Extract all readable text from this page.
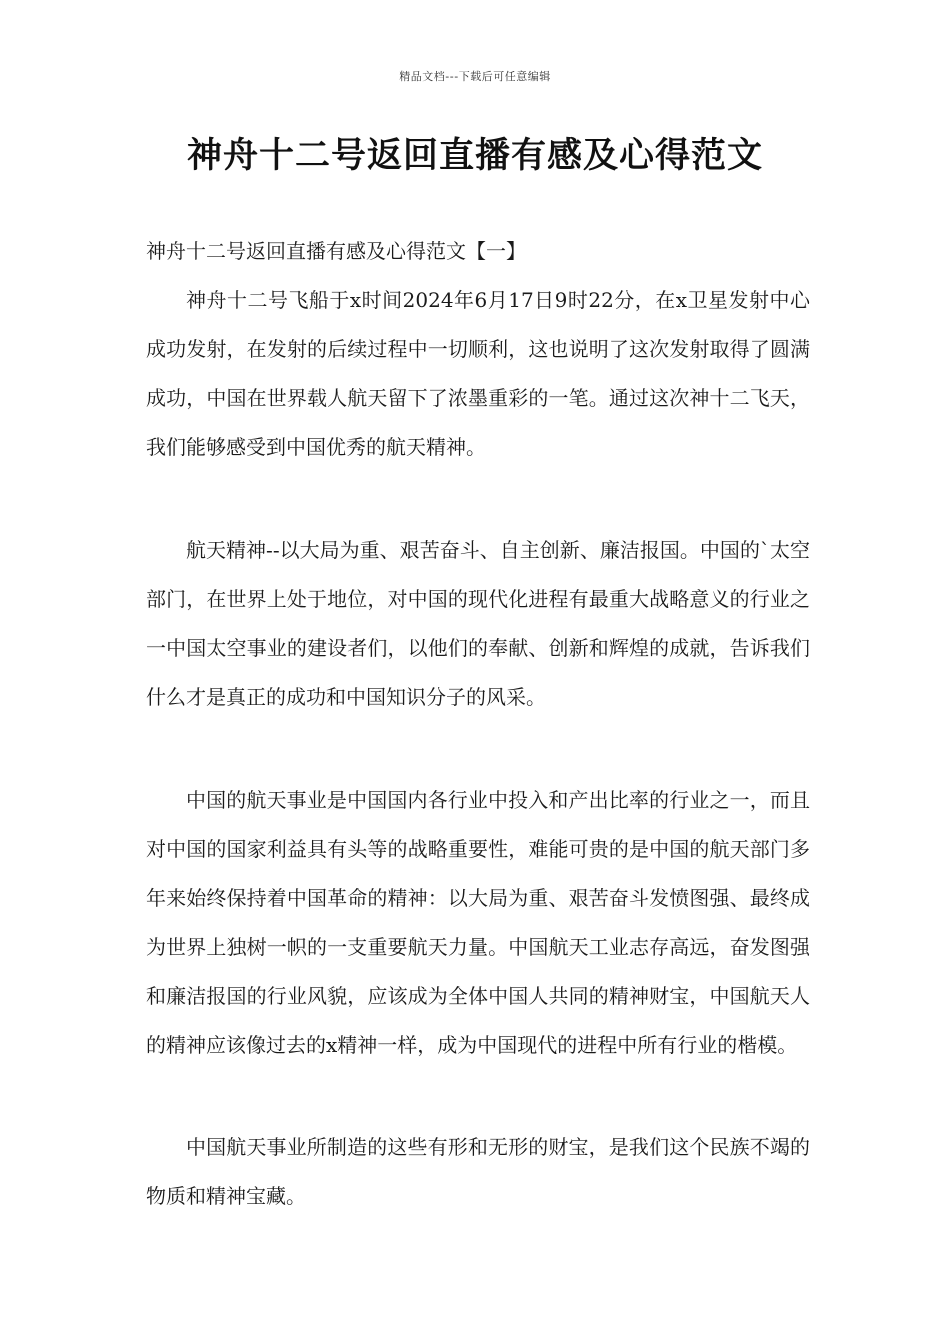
精品文档---下载后可任意编辑
神舟十二号返回直播有感及心得范文
神舟十二号返回直播有感及心得范文【一】

神舟十二号飞船于x时间2024年6月17日9时22分，在x卫星发射中心成功发射，在发射的后续过程中一切顺利，这也说明了这次发射取得了圆满成功，中国在世界载人航天留下了浓墨重彩的一笔。通过这次神十二飞天，我们能够感受到中国优秀的航天精神。

航天精神--以大局为重、艰苦奋斗、自主创新、廉洁报国。中国的`太空部门，在世界上处于地位，对中国的现代化进程有最重大战略意义的行业之一中国太空事业的建设者们，以他们的奉献、创新和辉煌的成就，告诉我们什么才是真正的成功和中国知识分子的风采。

中国的航天事业是中国国内各行业中投入和产出比率的行业之一，而且对中国的国家利益具有头等的战略重要性，难能可贵的是中国的航天部门多年来始终保持着中国革命的精神：以大局为重、艰苦奋斗发愤图强、最终成为世界上独树一帜的一支重要航天力量。中国航天工业志存高远，奋发图强和廉洁报国的行业风貌，应该成为全体中国人共同的精神财宝，中国航天人的精神应该像过去的x精神一样，成为中国现代的进程中所有行业的楷模。

中国航天事业所制造的这些有形和无形的财宝，是我们这个民族不竭的物质和精神宝藏。
